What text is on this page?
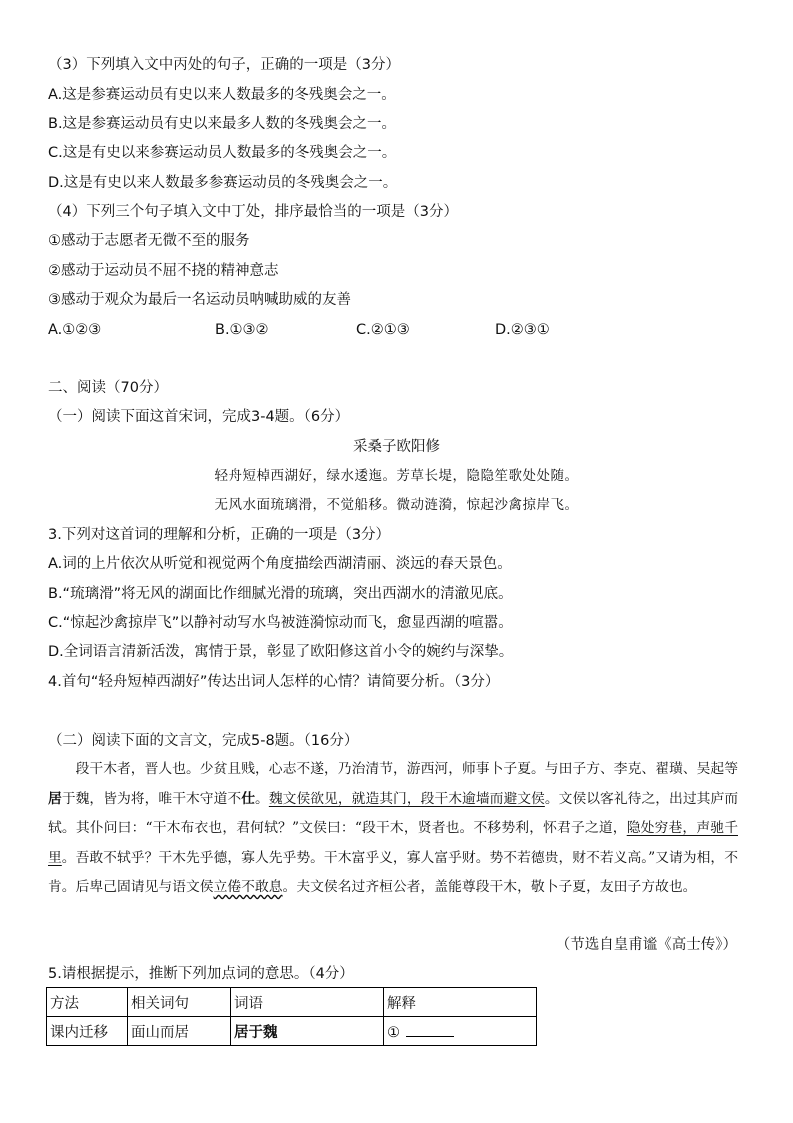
（3）下列填入文中丙处的句子，正确的一项是（3分）
A.这是参赛运动员有史以来人数最多的冬残奥会之一。
B.这是参赛运动员有史以来最多人数的冬残奥会之一。
C.这是有史以来参赛运动员人数最多的冬残奥会之一。
D.这是有史以来人数最多参赛运动员的冬残奥会之一。
（4）下列三个句子填入文中丁处，排序最恰当的一项是（3分）
①感动于志愿者无微不至的服务
②感动于运动员不屈不挠的精神意志
③感动于观众为最后一名运动员呐喊助威的友善
A.①②③	B.①③②	C.②①③	D.②③①
二、阅读（70分）
（一）阅读下面这首宋词，完成3-4题。（6分）
采桑子欧阳修
轻舟短棹西湖好，绿水逶迤。芳草长堤，隐隐笙歌处处随。
无风水面琉璃滑，不觉船移。微动涟漪，惊起沙禽掠岸飞。
3.下列对这首词的理解和分析，正确的一项是（3分）
A.词的上片依次从听觉和视觉两个角度描绘西湖清丽、淡远的春天景色。
B.“琉璃滑”将无风的湖面比作细腻光滑的琉璃，突出西湖水的清澈见底。
C.“惊起沙禽掠岸飞”以静衬动写水鸟被涟漪惊动而飞，愈显西湖的喧嚣。
D.全词语言清新活泼，寓情于景，彰显了欧阳修这首小令的婉约与深挚。
4.首句“轻舟短棹西湖好”传达出词人怎样的心情？请简要分析。（3分）
（二）阅读下面的文言文，完成5-8题。（16分）

段干木者，晋人也。少贫且贱，心志不遂，乃治清节，游西河，师事卜子夏。与田子方、李克、翟璜、吴起等居于魏，皆为将，唯干木守道不仕。魏文侯欲见，就造其门，段干木逾墙而避文侯。文侯以客礼待之，出过其庐而轼。其仆问曰：“干木布衣也，君何轼？”文侯曰：“段干木，贤者也。不移势利，怀君子之道，隐处穷巷，声驰千里。吾敢不轼乎？干木先乎德，寡人先乎势。干木富乎义，寡人富乎财。势不若德贵，财不若义高。”又请为相，不肯。后卑己固请见与语文侯立倦不敢息。夫文侯名过齐桓公者，盖能尊段干木，敬卜子夏，友田子方故也。

（节选自皇甫谧《高士传》）
5.请根据提示，推断下列加点词的意思。（4分）
方法	相关词句	词语	解释
课内迁移	面山而居	居于魏	①
